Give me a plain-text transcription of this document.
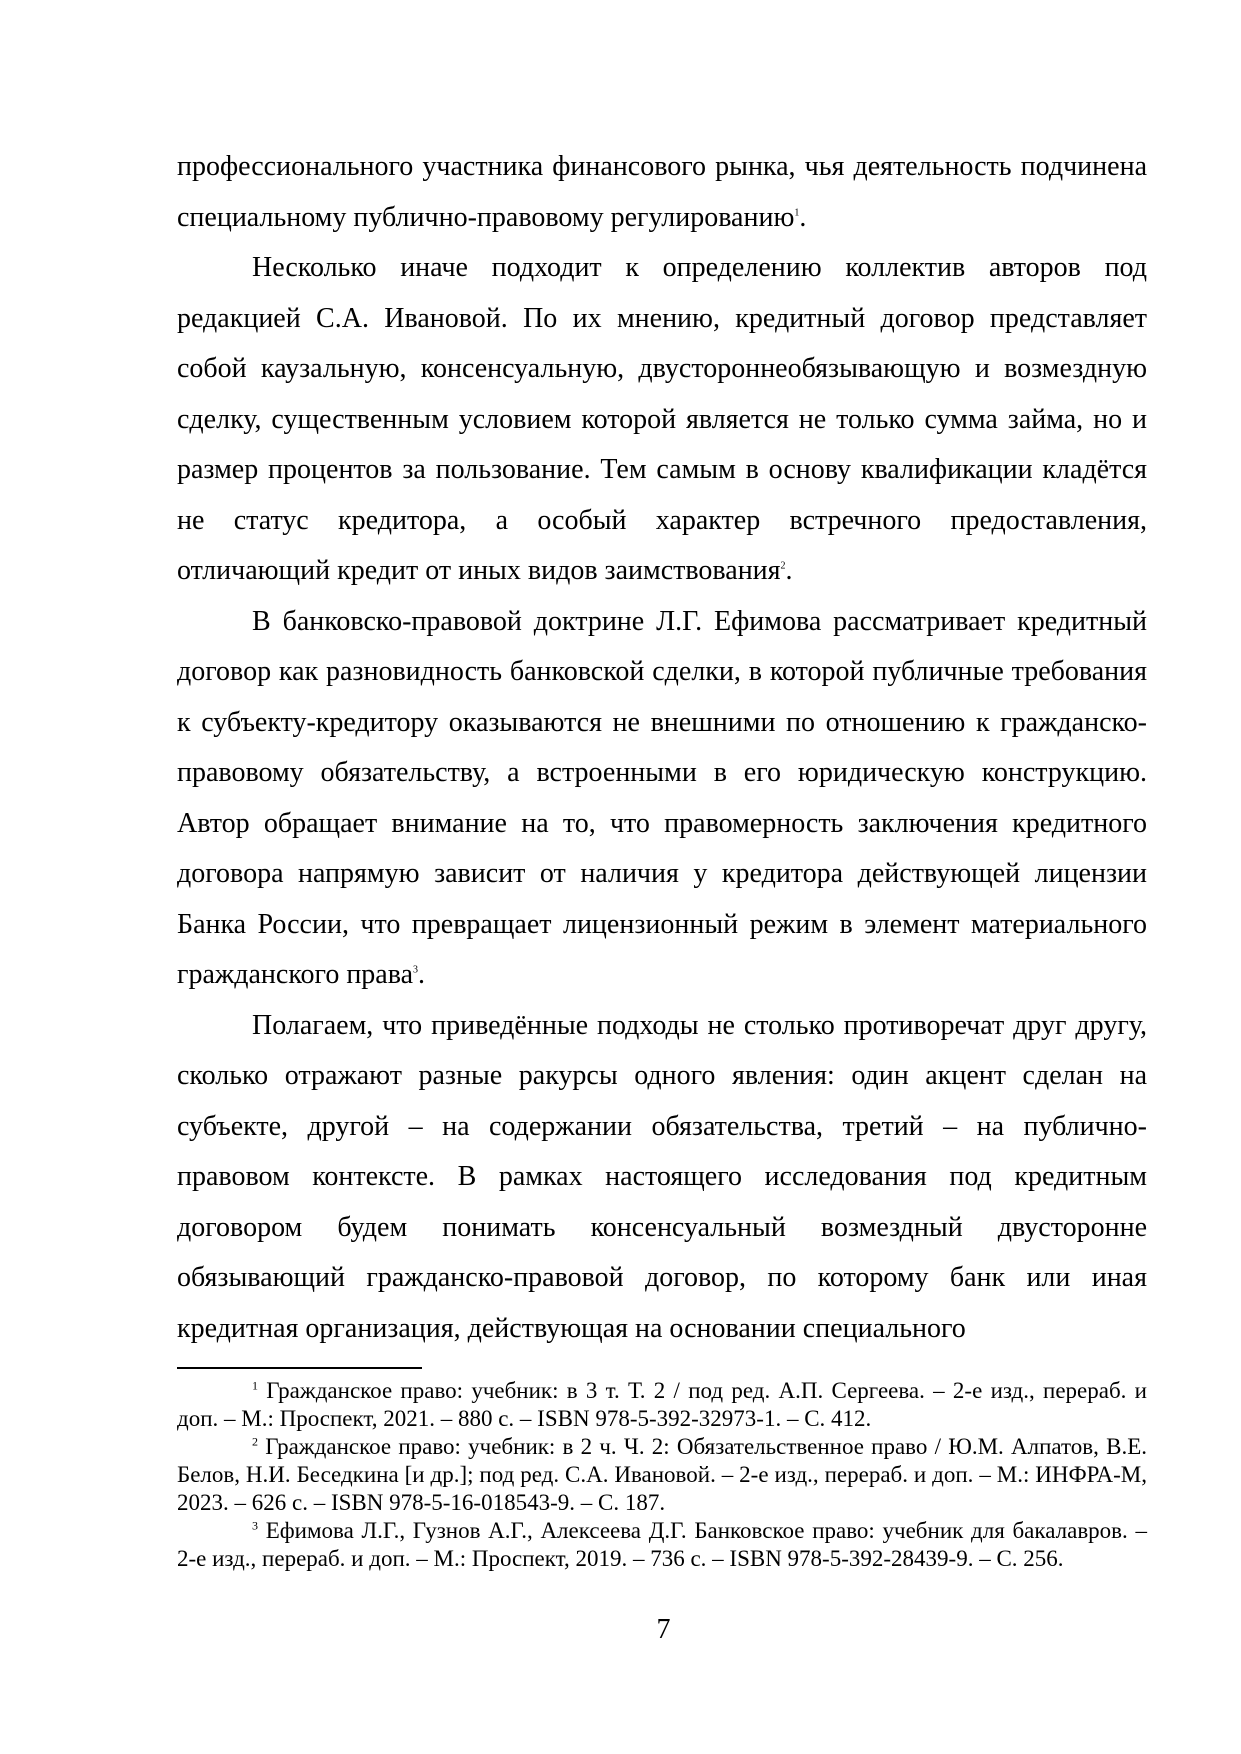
профессионального участника финансового рынка, чья деятельность подчинена специальному публично-правовому регулированию$^1$.

Несколько иначе подходит к определению коллектив авторов под редакцией С.А. Ивановой. По их мнению, кредитный договор представляет собой каузальную, консенсуальную, двустороннеобязывающую и возмездную сделку, существенным условием которой является не только сумма займа, но и размер процентов за пользование. Тем самым в основу квалификации кладётся не статус кредитора, а особый характер встречного предоставления, отличающий кредит от иных видов заимствования$^2$.

В банковско-правовой доктрине Л.Г. Ефимова рассматривает кредитный договор как разновидность банковской сделки, в которой публичные требования к субъекту-кредитору оказываются не внешними по отношению к гражданско-правовому обязательству, а встроенными в его юридическую конструкцию. Автор обращает внимание на то, что правомерность заключения кредитного договора напрямую зависит от наличия у кредитора действующей лицензии Банка России, что превращает лицензионный режим в элемент материального гражданского права$^3$.

Полагаем, что приведённые подходы не столько противоречат друг другу, сколько отражают разные ракурсы одного явления: один акцент сделан на субъекте, другой – на содержании обязательства, третий – на публично-правовом контексте. В рамках настоящего исследования под кредитным договором будем понимать консенсуальный возмездный двусторонне обязывающий гражданско-правовой договор, по которому банк или иная кредитная организация, действующая на основании специального

$^1$ Гражданское право: учебник: в 3 т. Т. 2 / под ред. А.П. Сергеева. – 2-е изд., перераб. и доп. – М.: Проспект, 2021. – 880 с. – ISBN 978-5-392-32973-1. – С. 412.

$^2$ Гражданское право: учебник: в 2 ч. Ч. 2: Обязательственное право / Ю.М. Алпатов, В.Е. Белов, Н.И. Беседкина [и др.]; под ред. С.А. Ивановой. – 2-е изд., перераб. и доп. – М.: ИНФРА-М, 2023. – 626 с. – ISBN 978-5-16-018543-9. – С. 187.

$^3$ Ефимова Л.Г., Гузнов А.Г., Алексеева Д.Г. Банковское право: учебник для бакалавров. – 2-е изд., перераб. и доп. – М.: Проспект, 2019. – 736 с. – ISBN 978-5-392-28439-9. – С. 256.

7
